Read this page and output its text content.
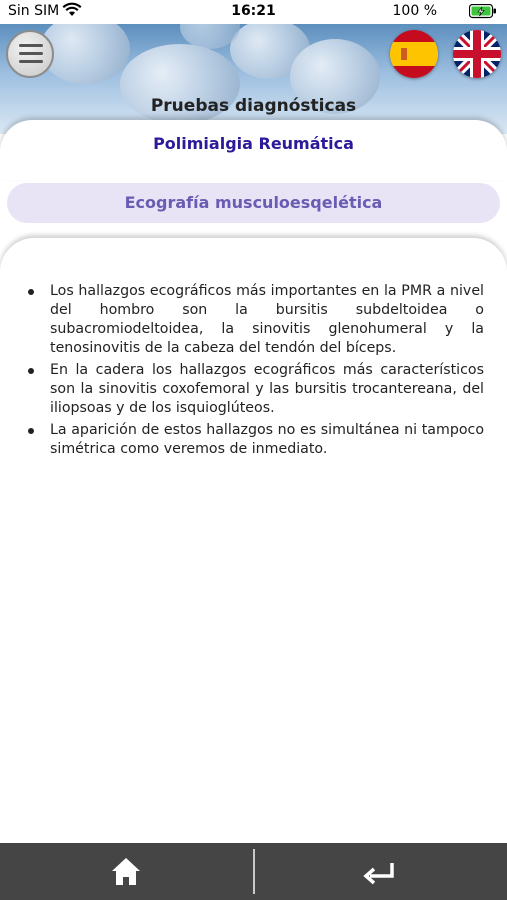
Sin SIM	16:21	100 %
Pruebas diagnósticas
Polimialgia Reumática
Ecografía musculoesqelética
Los hallazgos ecográficos más importantes en la PMR a nivel del hombro son la bursitis subdeltoidea o subacromiodeltoidea, la sinovitis glenohumeral y la tenosinovitis de la cabeza del tendón del bíceps.
En la cadera los hallazgos ecográficos más característicos son la sinovitis coxofemoral y las bursitis trocantereana, del iliopsoas y de los isquioglúteos.
La aparición de estos hallazgos no es simultánea ni tampoco simétrica como veremos de inmediato.
